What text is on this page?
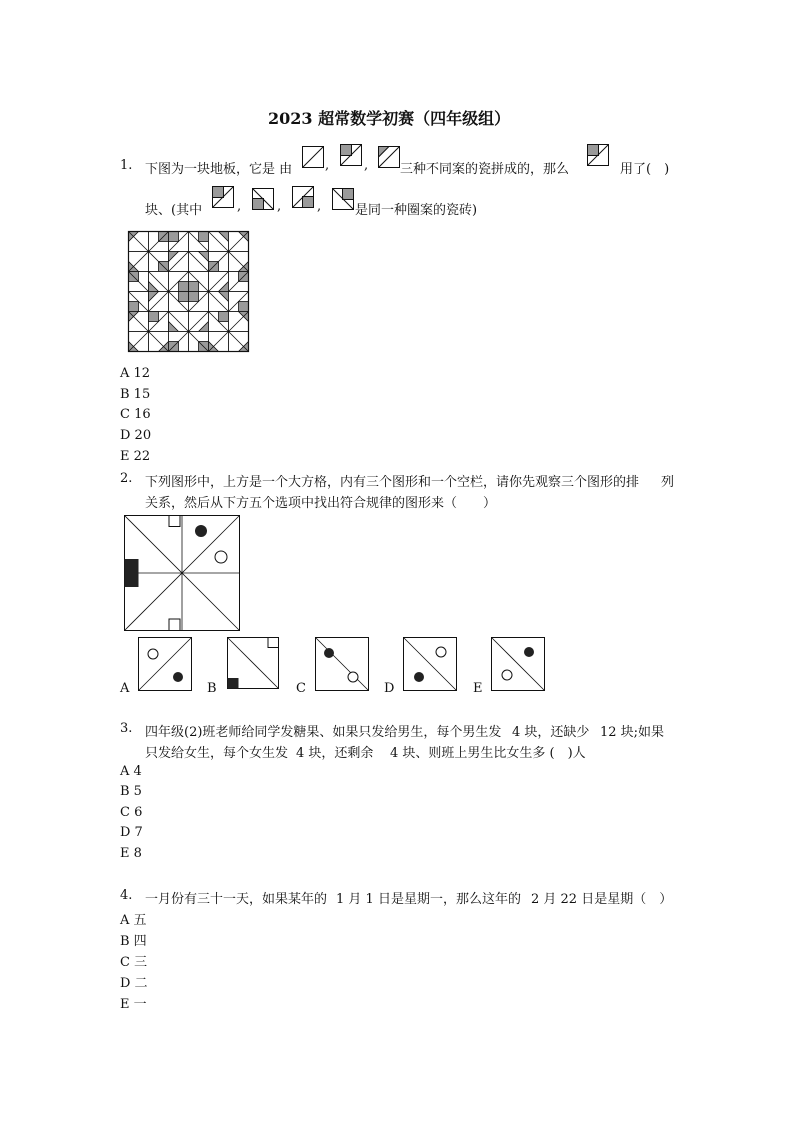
2023 超常数学初赛（四年级组）
1. 下图为一块地板，它是 由	,	, 三种不同案的瓷拼成的，那么	用了(　)
块、(其中	,	,	,	是同一种圈案的瓷砖)
A 12
B 15
C 16
D 20
E 22
2. 下列图形中，上方是一个大方格，内有三个图形和一个空栏，请你先观察三个图形的排 列
关系，然后从下方五个选项中找出符合规律的图形来（　　）
A	B	C	D	E
3. 四年级(2)班老师给同学发糖果、如果只发给男生，每个男生发 4 块，还缺少 12 块;如果
只发给女生，每个女生发 4 块，还剩余 4 块、则班上男生比女生多 (　)人
A 4
B 5
C 6
D 7
E 8
4. 一月份有三十一天，如果某年的 1 月 1 日是星期一，那么这年的 2 月 22 日是星期（　）
A 五
B 四
C 三
D 二
E 一
